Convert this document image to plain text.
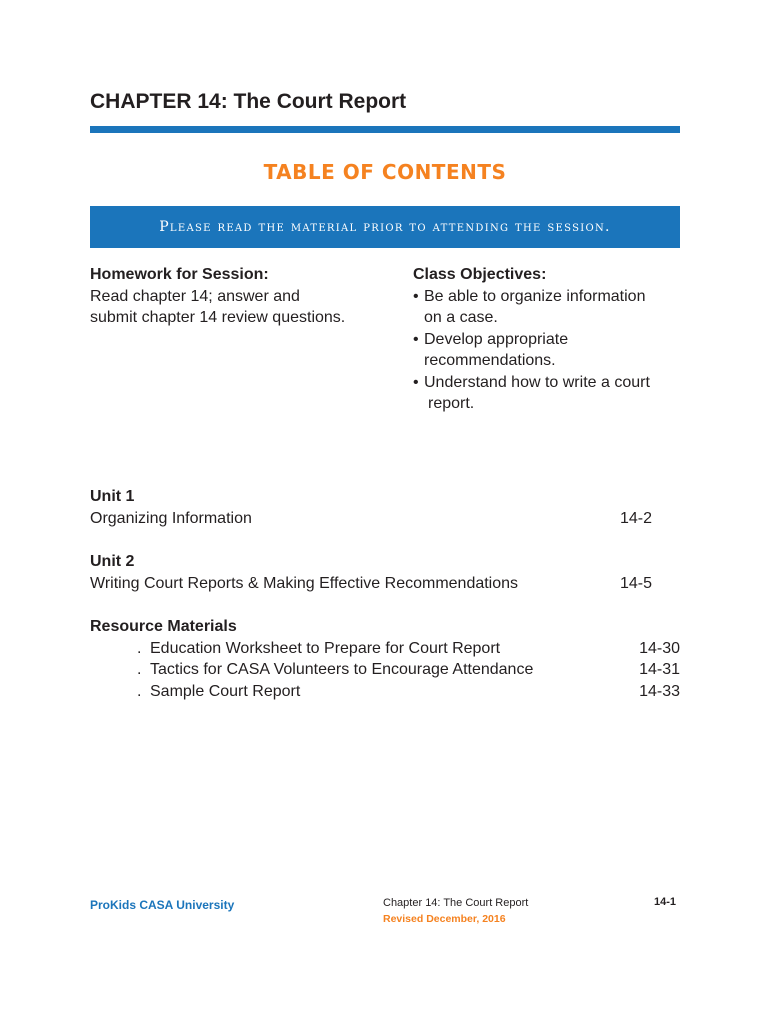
CHAPTER 14: The Court Report
TABLE OF CONTENTS
Please read the material prior to attending the session.
Homework for Session:
Read chapter 14; answer and
submit chapter 14 review questions.
Class Objectives:
• Be able to organize information
on a case.
• Develop appropriate
recommendations.
• Understand how to write a court
report.
Unit 1
Organizing Information	14-2
Unit 2
Writing Court Reports & Making Effective Recommendations	14-5
Resource Materials
. Education Worksheet to Prepare for Court Report	14-30
. Tactics for CASA Volunteers to Encourage Attendance	14-31
. Sample Court Report	14-33
ProKids CASA University	Chapter 14: The Court Report
Revised December, 2016
14-1
